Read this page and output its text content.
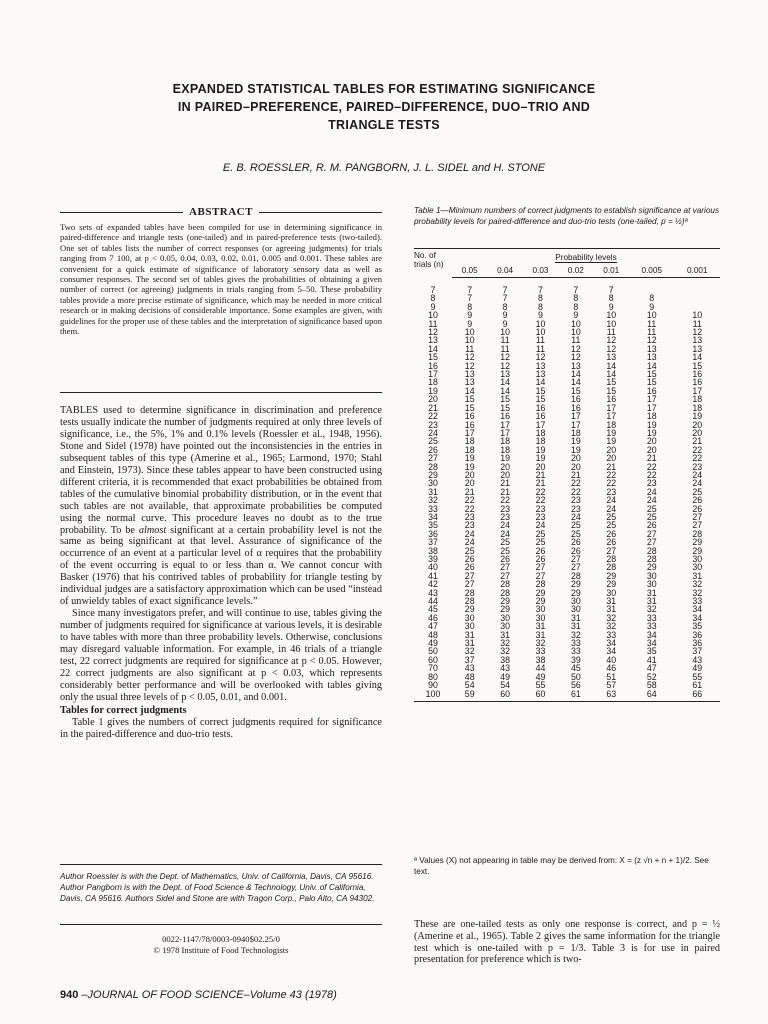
EXPANDED STATISTICAL TABLES FOR ESTIMATING SIGNIFICANCE
IN PAIRED–PREFERENCE, PAIRED–DIFFERENCE, DUO–TRIO AND
TRIANGLE TESTS
E. B. ROESSLER, R. M. PANGBORN, J. L. SIDEL and H. STONE
ABSTRACT
Two sets of expanded tables have been compiled for use in determining significance in paired-difference and triangle tests (one-tailed) and in paired-preference tests (two-tailed). One set of tables lists the number of correct responses (or agreeing judgments) for trials ranging from 7 100, at p < 0.05, 0.04, 0.03, 0.02, 0.01, 0.005 and 0.001. These tables are convenient for a quick estimate of significance of laboratory sensory data as well as consumer responses. The second set of tables gives the probabilities of obtaining a given number of correct (or agreeing) judgments in trials ranging from 5–50. These probability tables provide a more precise estimate of significance, which may be needed in more critical research or in making decisions of considerable importance. Some examples are given, with guidelines for the proper use of these tables and the interpretation of significance based upon them.

TABLES used to determine significance in discrimination and preference tests usually indicate the number of judgments required at only three levels of significance, i.e., the 5%, 1% and 0.1% levels (Roessler et al., 1948, 1956). Stone and Sidel (1978) have pointed out the inconsistencies in the entries in subsequent tables of this type (Amerine et al., 1965; Larmond, 1970; Stahl and Einstein, 1973). Since these tables appear to have been constructed using different criteria, it is recommended that exact probabilities be obtained from tables of the cumulative binomial probability distribution, or in the event that such tables are not available, that approximate probabilities be computed using the normal curve. This procedure leaves no doubt as to the true probability. To be almost significant at a certain probability level is not the same as being significant at that level. Assurance of significance of the occurrence of an event at a particular level of α requires that the probability of the event occurring is equal to or less than α. We cannot concur with Basker (1976) that his contrived tables of probability for triangle testing by individual judges are a satisfactory approximation which can be used “instead of unwieldy tables of exact significance levels.”

Since many investigators prefer, and will continue to use, tables giving the number of judgments required for significance at various levels, it is desirable to have tables with more than three probability levels. Otherwise, conclusions may disregard valuable information. For example, in 46 trials of a triangle test, 22 correct judgments are required for significance at p < 0.05. However, 22 correct judgments are also significant at p < 0.03, which represents considerably better performance and will be overlooked with tables giving only the usual three levels of p < 0.05, 0.01, and 0.001.

Tables for correct judgments

Table 1 gives the numbers of correct judgments required for significance in the paired-difference and duo-trio tests.

Author Roessler is with the Dept. of Mathematics, Univ. of California, Davis, CA 95616. Author Pangborn is with the Dept. of Food Science & Technology, Univ. of California, Davis, CA 95616. Authors Sidel and Stone are with Tragon Corp., Palo Alto, CA 94302.
0022-1147/78/0003-0940$02.25/0
© 1978 Institute of Food Technologists
940 –JOURNAL OF FOOD SCIENCE–Volume 43 (1978)
Table 1—Minimum numbers of correct judgments to establish significance at various probability levels for paired-difference and duo-trio tests (one-tailed, p = ½)ª
No. of trials (n)	Probability levels						
	0.05	0.04	0.03	0.02	0.01	0.005	0.001

7	7	7	7	7	7		
8	7	7	8	8	8	8	
9	8	8	8	8	9	9	
10	9	9	9	9	10	10	10
11	9	9	10	10	10	11	11
12	10	10	10	10	11	11	12
13	10	11	11	11	12	12	13
14	11	11	11	12	12	13	13
15	12	12	12	12	13	13	14
16	12	12	13	13	14	14	15
17	13	13	13	14	14	15	16
18	13	14	14	14	15	15	16
19	14	14	15	15	15	16	17
20	15	15	15	16	16	17	18
21	15	15	16	16	17	17	18
22	16	16	16	17	17	18	19
23	16	17	17	17	18	19	20
24	17	17	18	18	19	19	20
25	18	18	18	19	19	20	21
26	18	18	19	19	20	20	22
27	19	19	19	20	20	21	22
28	19	20	20	20	21	22	23
29	20	20	21	21	22	22	24
30	20	21	21	22	22	23	24
31	21	21	22	22	23	24	25
32	22	22	22	23	24	24	26
33	22	23	23	23	24	25	26
34	23	23	23	24	25	25	27
35	23	24	24	25	25	26	27
36	24	24	25	25	26	27	28
37	24	25	25	26	26	27	29
38	25	25	26	26	27	28	29
39	26	26	26	27	28	28	30
40	26	27	27	27	28	29	30
41	27	27	27	28	29	30	31
42	27	28	28	29	29	30	32
43	28	28	29	29	30	31	32
44	28	29	29	30	31	31	33
45	29	29	30	30	31	32	34
46	30	30	30	31	32	33	34
47	30	30	31	31	32	33	35
48	31	31	31	32	33	34	36
49	31	32	32	33	34	34	36
50	32	32	33	33	34	35	37
60	37	38	38	39	40	41	43
70	43	43	44	45	46	47	49
80	48	49	49	50	51	52	55
90	54	54	55	56	57	58	61
100	59	60	60	61	63	64	66
ª Values (X) not appearing in table may be derived from: X = (z √n + n + 1)/2. See text.
These are one-tailed tests as only one response is correct, and p = ½ (Amerine et al., 1965). Table 2 gives the same information for the triangle test which is one-tailed with p = 1/3. Table 3 is for use in paired presentation for preference which is two-
